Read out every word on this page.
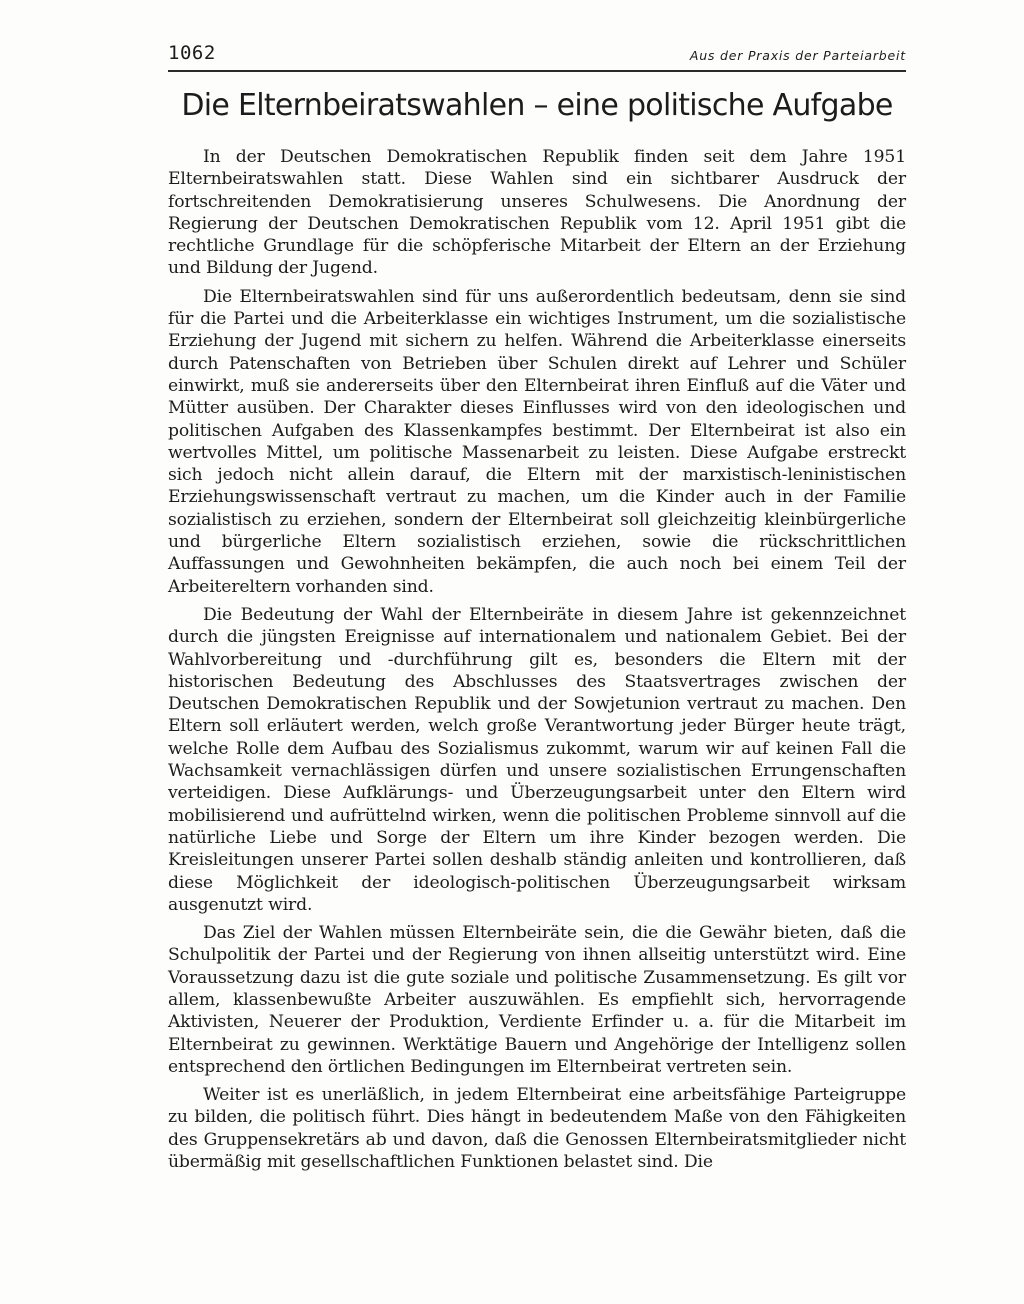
1062	Aus der Praxis der Parteiarbeit
Die Elternbeiratswahlen – eine politische Aufgabe

In der Deutschen Demokratischen Republik finden seit dem Jahre 1951 Elternbeiratswahlen statt. Diese Wahlen sind ein sichtbarer Ausdruck der fortschreitenden Demokratisierung unseres Schulwesens. Die Anordnung der Regierung der Deutschen Demokratischen Republik vom 12. April 1951 gibt die rechtliche Grundlage für die schöpferische Mitarbeit der Eltern an der Erziehung und Bildung der Jugend.

Die Elternbeiratswahlen sind für uns außerordentlich bedeutsam, denn sie sind für die Partei und die Arbeiterklasse ein wichtiges Instrument, um die sozialistische Erziehung der Jugend mit sichern zu helfen. Während die Arbeiterklasse einerseits durch Patenschaften von Betrieben über Schulen direkt auf Lehrer und Schüler einwirkt, muß sie andererseits über den Elternbeirat ihren Einfluß auf die Väter und Mütter ausüben. Der Charakter dieses Einflusses wird von den ideologischen und politischen Aufgaben des Klassenkampfes bestimmt. Der Elternbeirat ist also ein wertvolles Mittel, um politische Massenarbeit zu leisten. Diese Aufgabe erstreckt sich jedoch nicht allein darauf, die Eltern mit der marxistisch-leninistischen Erziehungswissenschaft vertraut zu machen, um die Kinder auch in der Familie sozialistisch zu erziehen, sondern der Elternbeirat soll gleichzeitig kleinbürgerliche und bürgerliche Eltern sozialistisch erziehen, sowie die rückschrittlichen Auffassungen und Gewohnheiten bekämpfen, die auch noch bei einem Teil der Arbeitereltern vorhanden sind.

Die Bedeutung der Wahl der Elternbeiräte in diesem Jahre ist gekennzeichnet durch die jüngsten Ereignisse auf internationalem und nationalem Gebiet. Bei der Wahlvorbereitung und -durchführung gilt es, besonders die Eltern mit der historischen Bedeutung des Abschlusses des Staatsvertrages zwischen der Deutschen Demokratischen Republik und der Sowjetunion vertraut zu machen. Den Eltern soll erläutert werden, welch große Verantwortung jeder Bürger heute trägt, welche Rolle dem Aufbau des Sozialismus zukommt, warum wir auf keinen Fall die Wachsamkeit vernachlässigen dürfen und unsere sozialistischen Errungenschaften verteidigen. Diese Aufklärungs- und Überzeugungsarbeit unter den Eltern wird mobilisierend und aufrüttelnd wirken, wenn die politischen Probleme sinnvoll auf die natürliche Liebe und Sorge der Eltern um ihre Kinder bezogen werden. Die Kreisleitungen unserer Partei sollen deshalb ständig anleiten und kontrollieren, daß diese Möglichkeit der ideologisch-politischen Überzeugungsarbeit wirksam ausgenutzt wird.

Das Ziel der Wahlen müssen Elternbeiräte sein, die die Gewähr bieten, daß die Schulpolitik der Partei und der Regierung von ihnen allseitig unterstützt wird. Eine Voraussetzung dazu ist die gute soziale und politische Zusammensetzung. Es gilt vor allem, klassenbewußte Arbeiter auszuwählen. Es empfiehlt sich, hervorragende Aktivisten, Neuerer der Produktion, Verdiente Erfinder u. a. für die Mitarbeit im Elternbeirat zu gewinnen. Werktätige Bauern und Angehörige der Intelligenz sollen entsprechend den örtlichen Bedingungen im Elternbeirat vertreten sein.

Weiter ist es unerläßlich, in jedem Elternbeirat eine arbeitsfähige Parteigruppe zu bilden, die politisch führt. Dies hängt in bedeutendem Maße von den Fähigkeiten des Gruppensekretärs ab und davon, daß die Genossen Elternbeiratsmitglieder nicht übermäßig mit gesellschaftlichen Funktionen belastet sind. Die
